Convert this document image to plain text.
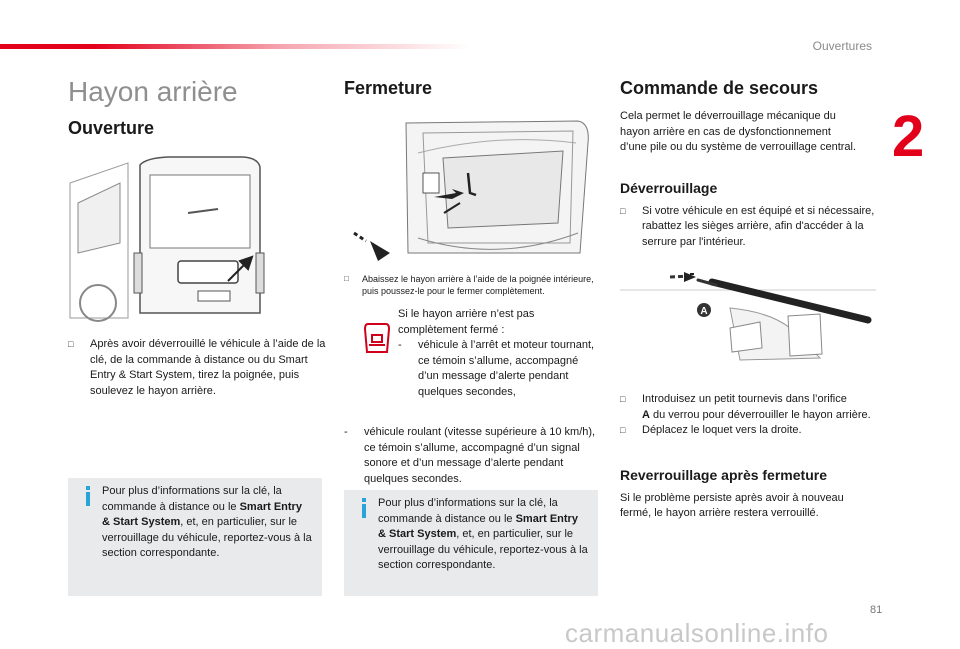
Ouvertures
2
81
carmanualsonline.info
Hayon arrière
Ouverture
□ Après avoir déverrouillé le véhicule à l’aide de la clé, de la commande à distance ou du Smart Entry & Start System, tirez la poignée, puis soulevez le hayon arrière.
Pour plus d’informations sur la clé, la commande à distance ou le Smart Entry & Start System, et, en particulier, sur le verrouillage du véhicule, reportez-vous à la section correspondante.
Fermeture
□ Abaissez le hayon arrière à l’aide de la poignée intérieure, puis poussez-le pour le fermer complètement.
Si le hayon arrière n’est pas complètement fermé :
- véhicule à l’arrêt et moteur tournant, ce témoin s’allume, accompagné d’un message d’alerte pendant quelques secondes,
- véhicule roulant (vitesse supérieure à 10 km/h), ce témoin s’allume, accompagné d’un signal sonore et d’un message d’alerte pendant quelques secondes.
Pour plus d’informations sur la clé, la commande à distance ou le Smart Entry & Start System, et, en particulier, sur le verrouillage du véhicule, reportez-vous à la section correspondante.
Commande de secours

Cela permet le déverrouillage mécanique du hayon arrière en cas de dysfonctionnement d’une pile ou du système de verrouillage central.

Déverrouillage
□ Si votre véhicule en est équipé et si nécessaire, rabattez les sièges arrière, afin d'accéder à la serrure par l'intérieur.
A
□ Introduisez un petit tournevis dans l’orifice
A du verrou pour déverrouiller le hayon arrière.
□ Déplacez le loquet vers la droite.
Reverrouillage après fermeture

Si le problème persiste après avoir à nouveau fermé, le hayon arrière restera verrouillé.
